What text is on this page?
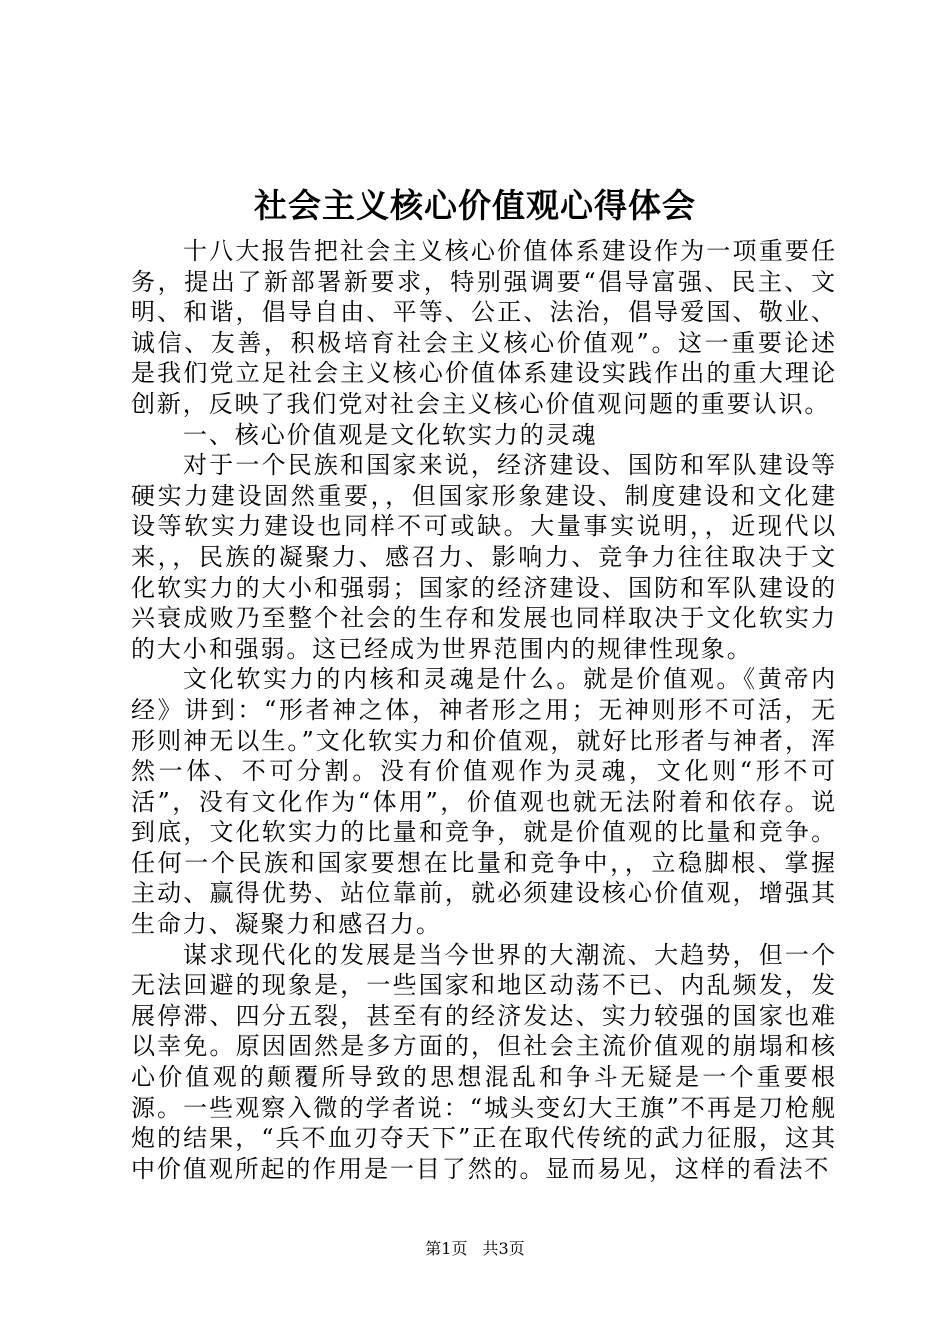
社会主义核心价值观心得体会

十八大报告把社会主义核心价值体系建设作为一项重要任务，提出了新部署新要求，特别强调要“倡导富强、民主、文明、和谐，倡导自由、平等、公正、法治，倡导爱国、敬业、诚信、友善，积极培育社会主义核心价值观”。这一重要论述是我们党立足社会主义核心价值体系建设实践作出的重大理论创新，反映了我们党对社会主义核心价值观问题的重要认识。

一、核心价值观是文化软实力的灵魂

对于一个民族和国家来说，经济建设、国防和军队建设等硬实力建设固然重要，，但国家形象建设、制度建设和文化建设等软实力建设也同样不可或缺。大量事实说明，，近现代以来，，民族的凝聚力、感召力、影响力、竞争力往往取决于文化软实力的大小和强弱；国家的经济建设、国防和军队建设的兴衰成败乃至整个社会的生存和发展也同样取决于文化软实力的大小和强弱。这已经成为世界范围内的规律性现象。

文化软实力的内核和灵魂是什么。就是价值观。《黄帝内经》讲到：“形者神之体，神者形之用；无神则形不可活，无形则神无以生。”文化软实力和价值观，就好比形者与神者，浑然一体、不可分割。没有价值观作为灵魂，文化则“形不可活”，没有文化作为“体用”，价值观也就无法附着和依存。说到底，文化软实力的比量和竞争，就是价值观的比量和竞争。任何一个民族和国家要想在比量和竞争中，，立稳脚根、掌握主动、赢得优势、站位靠前，就必须建设核心价值观，增强其生命力、凝聚力和感召力。

谋求现代化的发展是当今世界的大潮流、大趋势，但一个无法回避的现象是，一些国家和地区动荡不已、内乱频发，发展停滞、四分五裂，甚至有的经济发达、实力较强的国家也难以幸免。原因固然是多方面的，但社会主流价值观的崩塌和核心价值观的颠覆所导致的思想混乱和争斗无疑是一个重要根源。一些观察入微的学者说：“城头变幻大王旗”不再是刀枪舰炮的结果，“兵不血刃夺天下”正在取代传统的武力征服，这其中价值观所起的作用是一目了然的。显而易见，这样的看法不

第1页 共3页
